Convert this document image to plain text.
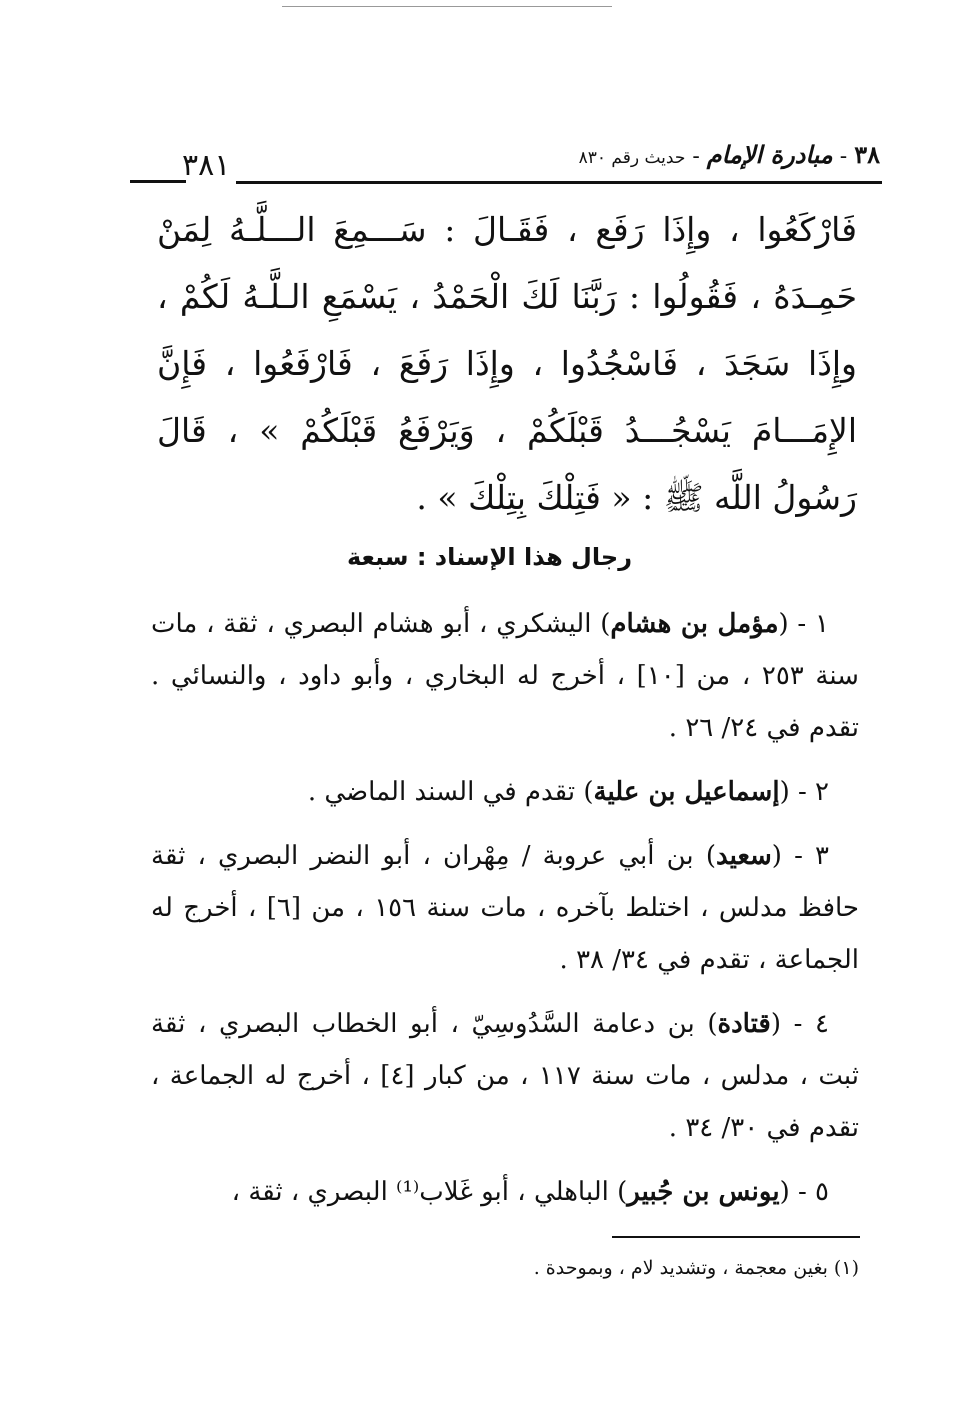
٣٨١	٣٨ - مبادرة الإمام - حديث رقم ٨٣٠
فَارْكَعُوا ، وإِذَا رَفَع ، فَقَـالَ : سَـــمِعَ الـــلَّـهُ لِمَنْ حَمِـدَهُ ، فَقُولُوا : رَبَّنَا لَكَ الْحَمْدُ ، يَسْمَعِ الـلَّـهُ لَكُمْ ، وإِذَا سَجَدَ ، فَاسْجُدُوا ، وإِذَا رَفَعَ ، فَارْفَعُوا ، فَإِنَّ الإِمَـــامَ يَسْجُـــدُ قَبْلَكُمْ ، وَيَرْفَعُ قَبْلَكُمْ » ، قَالَ رَسُولُ اللَّه ﷺ : « فَتِلْكَ بِتِلْكَ » .
رجال هذا الإسناد : سبعة

١ - (مؤمل بن هشام) اليشكري ، أبو هشام البصري ، ثقة ، مات سنة ٢٥٣ ، من [١٠] ، أخرج له البخاري ، وأبو داود ، والنسائي . تقدم في ٢٤/ ٢٦ .

٢ - (إسماعيل بن علية) تقدم في السند الماضي .

٣ - (سعيد) بن أبي عروبة / مِهْران ، أبو النضر البصري ، ثقة حافظ مدلس ، اختلط بآخره ، مات سنة ١٥٦ ، من [٦] ، أخرج له الجماعة ، تقدم في ٣٤/ ٣٨ .

٤ - (قتادة) بن دعامة السَّدُوسِيّ ، أبو الخطاب البصري ، ثقة ثبت ، مدلس ، مات سنة ١١٧ ، من كبار [٤] ، أخرج له الجماعة ، تقدم في ٣٠/ ٣٤ .

٥ - (يونس بن جُبير) الباهلي ، أبو غَلاب⁽¹⁾ البصري ، ثقة ،

(١) بغين معجمة ، وتشديد لام ، وبموحدة .
